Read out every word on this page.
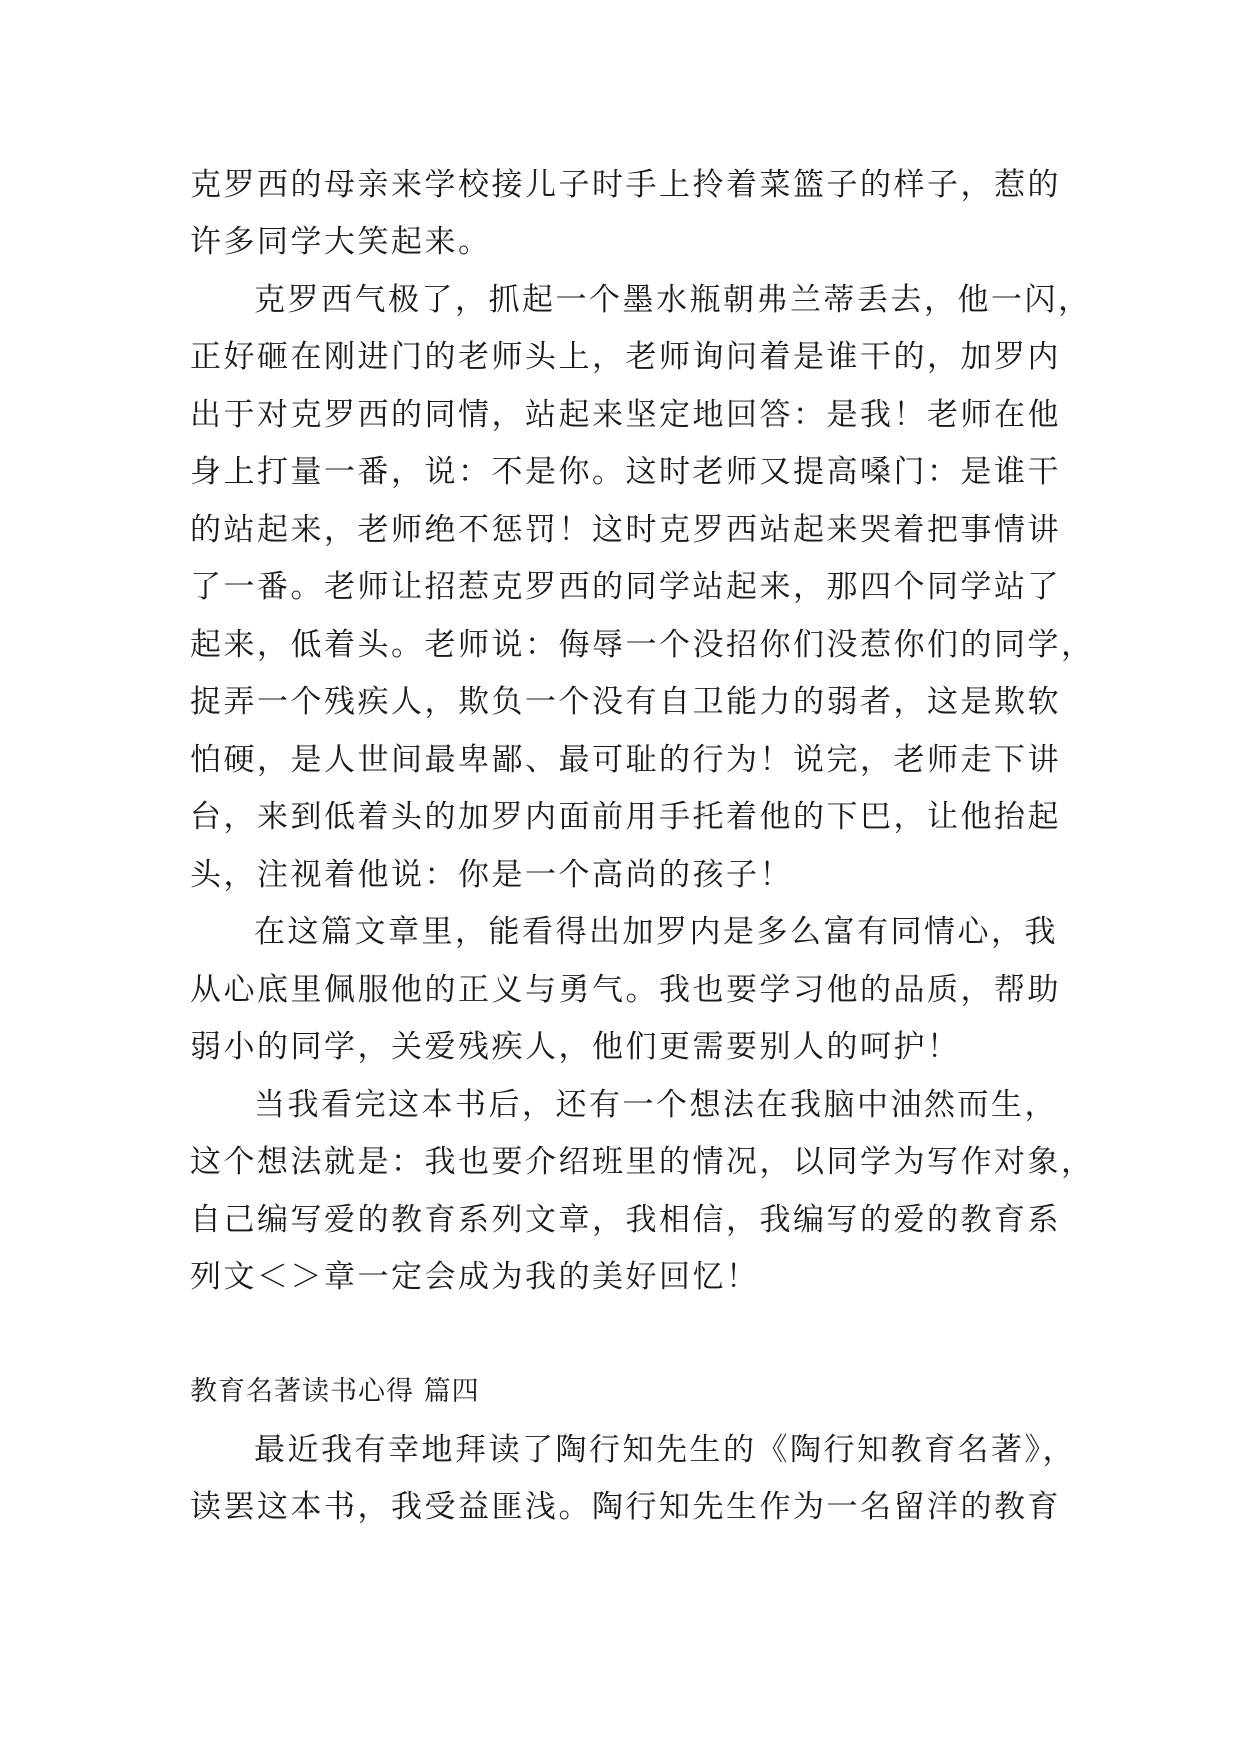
克罗西的母亲来学校接儿子时手上拎着菜篮子的样子，惹的
许多同学大笑起来。
克罗西气极了，抓起一个墨水瓶朝弗兰蒂丢去，他一闪，
正好砸在刚进门的老师头上，老师询问着是谁干的，加罗内
出于对克罗西的同情，站起来坚定地回答：是我！老师在他
身上打量一番，说：不是你。这时老师又提高嗓门：是谁干
的站起来，老师绝不惩罚！这时克罗西站起来哭着把事情讲
了一番。老师让招惹克罗西的同学站起来，那四个同学站了
起来，低着头。老师说：侮辱一个没招你们没惹你们的同学，
捉弄一个残疾人，欺负一个没有自卫能力的弱者，这是欺软
怕硬，是人世间最卑鄙、最可耻的行为！说完，老师走下讲
台，来到低着头的加罗内面前用手托着他的下巴，让他抬起
头，注视着他说：你是一个高尚的孩子！
在这篇文章里，能看得出加罗内是多么富有同情心，我
从心底里佩服他的正义与勇气。我也要学习他的品质，帮助
弱小的同学，关爱残疾人，他们更需要别人的呵护！
当我看完这本书后，还有一个想法在我脑中油然而生，
这个想法就是：我也要介绍班里的情况，以同学为写作对象，
自己编写爱的教育系列文章，我相信，我编写的爱的教育系
列文＜＞章一定会成为我的美好回忆！
教育名著读书心得 篇四
最近我有幸地拜读了陶行知先生的《陶行知教育名著》，
读罢这本书，我受益匪浅。陶行知先生作为一名留洋的教育
